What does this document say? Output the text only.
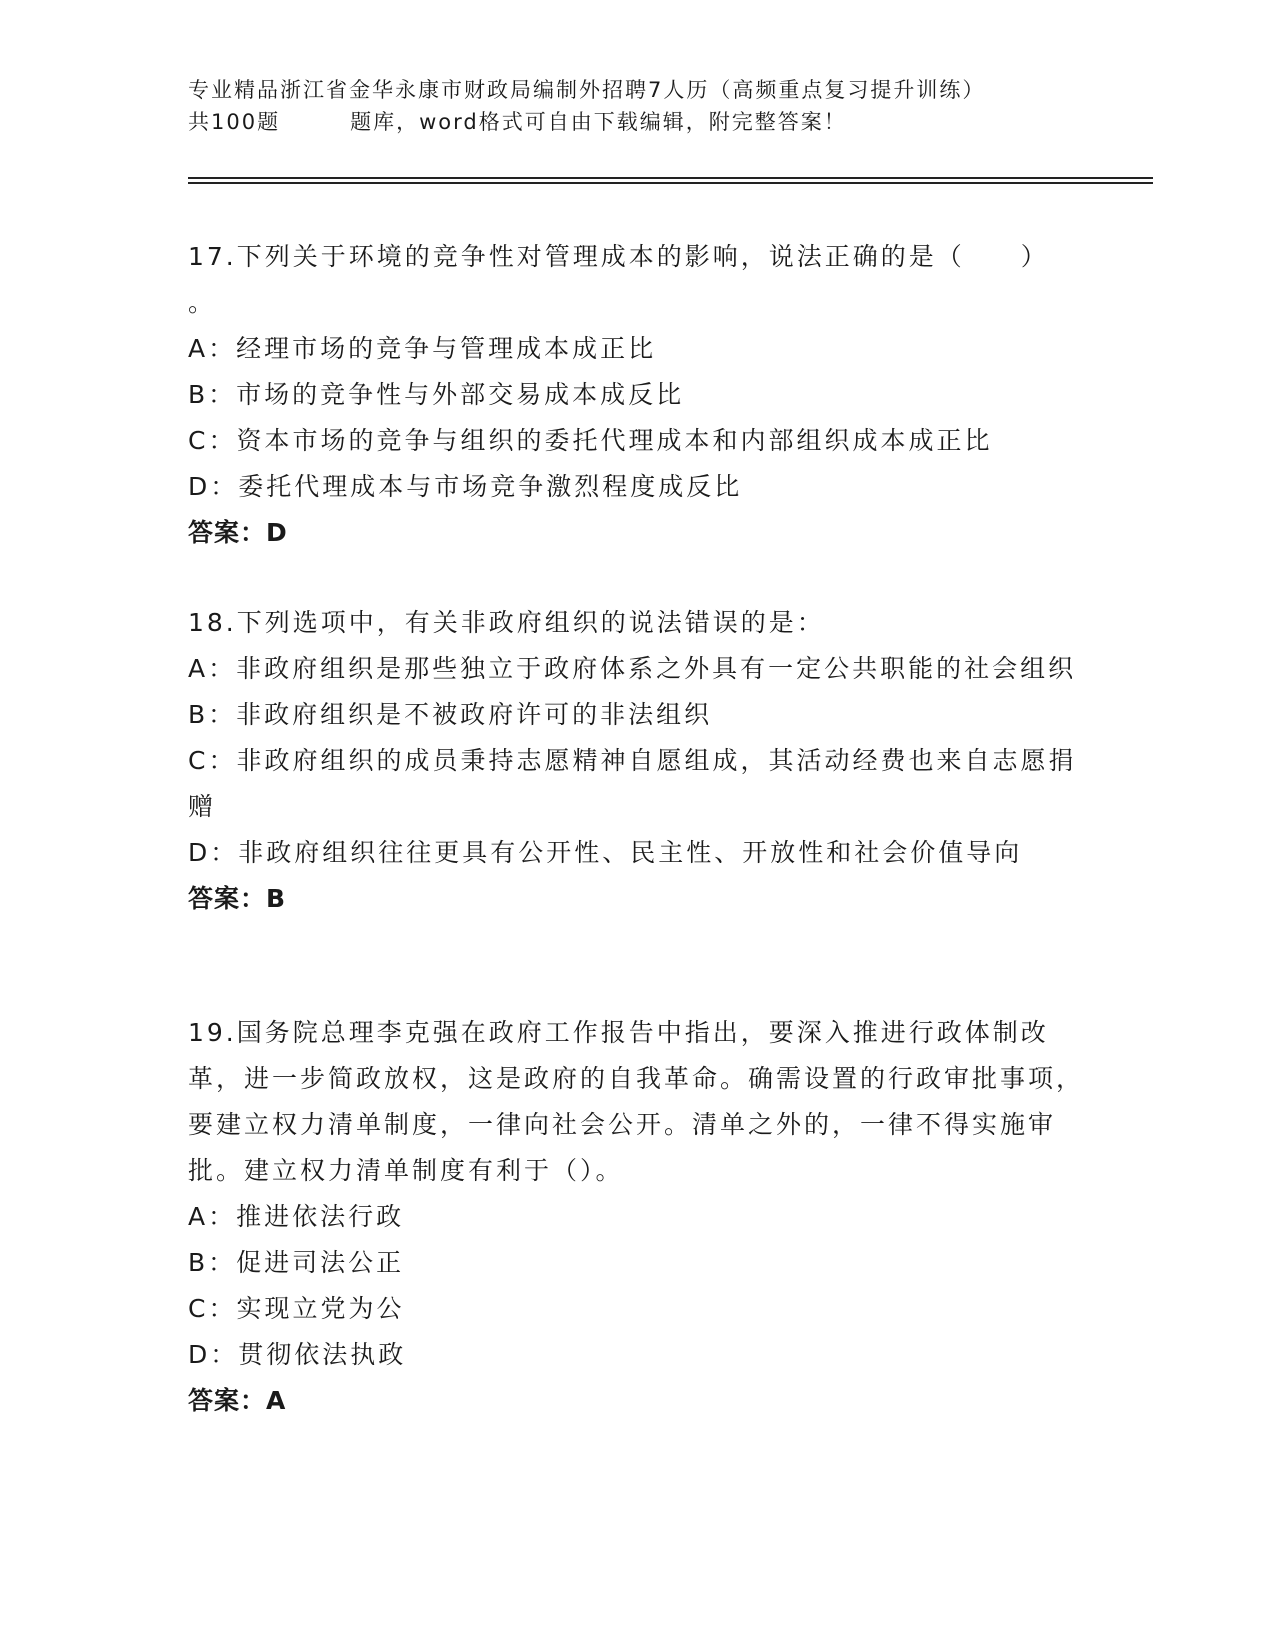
专业精品浙江省金华永康市财政局编制外招聘7人历（高频重点复习提升训练）
共100题	题库，word格式可自由下载编辑，附完整答案！

17.下列关于环境的竞争性对管理成本的影响，说法正确的是（　　）

。

A：经理市场的竞争与管理成本成正比

B：市场的竞争性与外部交易成本成反比

C：资本市场的竞争与组织的委托代理成本和内部组织成本成正比

D：委托代理成本与市场竞争激烈程度成反比

答案：D

18.下列选项中，有关非政府组织的说法错误的是：

A：非政府组织是那些独立于政府体系之外具有一定公共职能的社会组织

B：非政府组织是不被政府许可的非法组织

C：非政府组织的成员秉持志愿精神自愿组成，其活动经费也来自志愿捐赠

D：非政府组织往往更具有公开性、民主性、开放性和社会价值导向

答案：B

19.国务院总理李克强在政府工作报告中指出，要深入推进行政体制改革，进一步简政放权，这是政府的自我革命。确需设置的行政审批事项，要建立权力清单制度，一律向社会公开。清单之外的，一律不得实施审批。建立权力清单制度有利于（）。

A：推进依法行政

B：促进司法公正

C：实现立党为公

D：贯彻依法执政

答案：A
